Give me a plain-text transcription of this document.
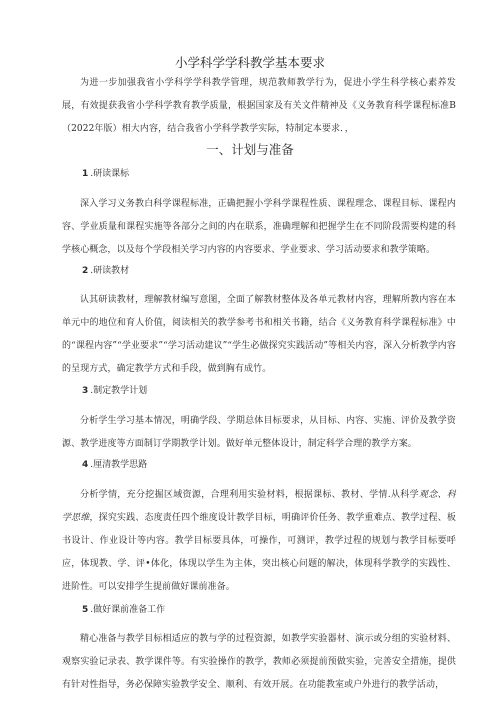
小学科学学科教学基本要求

为进一步加强我省小学科学学科教学管理，规范教师教学行为，促进小学生科学核心素养发展，有效提获我省小学科学教育教学质量，根据国家及有关文件精神及《义务教育科学课程标准B（2022年版）相大内容，结合我省小学科学教学实际，特制定本要求．，

一、计划与准备
1 .研读课标

深入学习义务教白科学课程标准，正确把握小学科学课程性质、课程理念、课程目标、课程内容、学业质量和课程实施等各部分之间的内在联系，准确理解和把握学生在不同阶段需要构建的科学核心概念，以及每个学段相关学习内容的内容要求、学业要求、学习活动要求和教学策略。

2 .研读教材

认其研读教材，理解教材编写意图，全面了解教材整体及各单元教材内容，理解所教内容在本单元中的地位和育人价值，阅读相关的教学参考书和相关书籍，结合《义务教育科学课程标准》中的“课程内容”“学业要求”“学习活动建议”“学生必做探究实践活动”等相关内容，深入分析教学内容的呈现方式，确定教学方式和手段，做到胸有成竹。

3 .制定教学计划

分析学生学习基本情况，明确学段、学期总体目标要求，从目标、内容、实施、评价及教学资源、教学进度等方面制订学期教学计划。做好单元整体设计，制定科学合理的教学方案。

4 .厘清教学思路

分析学情，充分挖掘区域资源，合理利用实验材料，根据课标、教材、学情.从科学观念、科学思维，探究实践、态度责任四个维度设计教学目标，明确评价任务、教学重难点、教学过程、板书设计、作业设计等内容。教学目标要具体，可操作，可测评，教学过程的规划与教学目标要呼应，体现教、学、评•体化，体现以学生为主体，突出核心问题的解决，体现科学教学的实践性、进阶性。可以安排学生提前做好课前准备。

5 .做好课前准备工作

精心准备与教学目标相适应的教与学的过程资源，如教学实验器材、演示或分组的实验材料、观察实验记录表、教学课件等。有实验操作的教学，教师必须提前预做实验，完善安全措施，提供有针对性指导，务必保障实验教学安全、顺利、有效开展。在功能教室或户外进行的教学活动，
